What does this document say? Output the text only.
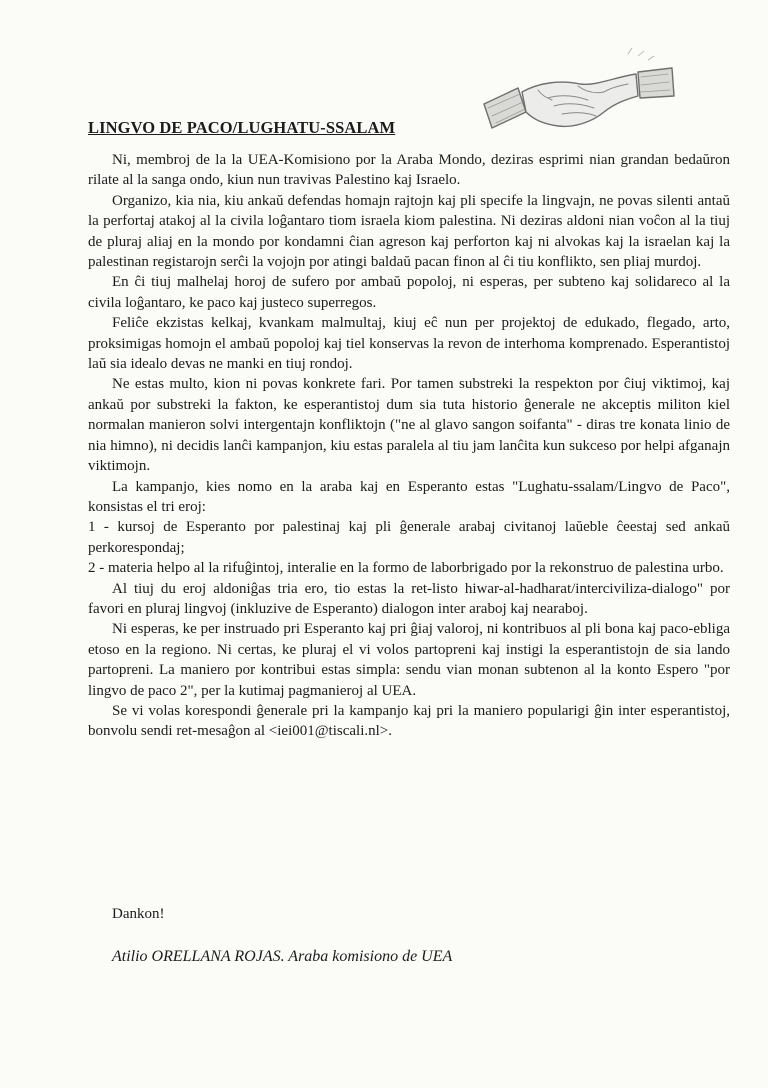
LINGVO DE PACO/LUGHATU-SSALAM

Ni, membroj de la la UEA-Komisiono por la Araba Mondo, deziras esprimi nian grandan bedaŭron rilate al la sanga ondo, kiun nun travivas Palestino kaj Israelo.

Organizo, kia nia, kiu ankaŭ defendas homajn rajtojn kaj pli specife la lingvajn, ne povas silenti antaŭ la perfortaj atakoj al la civila loĝantaro tiom israela kiom palestina. Ni deziras aldoni nian voĉon al la tiuj de pluraj aliaj en la mondo por kondamni ĉian agreson kaj perforton kaj ni alvokas kaj la israelan kaj la palestinan registarojn serĉi la vojojn por atingi baldaŭ pacan finon al ĉi tiu konflikto, sen pliaj murdoj.

En ĉi tiuj malhelaj horoj de sufero por ambaŭ popoloj, ni esperas, per subteno kaj solidareco al la civila loĝantaro, ke paco kaj justeco superregos.

Feliĉe ekzistas kelkaj, kvankam malmultaj, kiuj eĉ nun per projektoj de edukado, flegado, arto, proksimigas homojn el ambaŭ popoloj kaj tiel konservas la revon de interhoma komprenado. Esperantistoj laŭ sia idealo devas ne manki en tiuj rondoj.

Ne estas multo, kion ni povas konkrete fari. Por tamen substreki la respekton por ĉiuj viktimoj, kaj ankaŭ por substreki la fakton, ke esperantistoj dum sia tuta historio ĝenerale ne akceptis militon kiel normalan manieron solvi intergentajn konfliktojn ("ne al glavo sangon soifanta" - diras tre konata linio de nia himno), ni decidis lanĉi kampanjon, kiu estas paralela al tiu jam lanĉita kun sukceso por helpi afganajn viktimojn.

La kampanjo, kies nomo en la araba kaj en Esperanto estas "Lughatu-ssalam/Lingvo de Paco", konsistas el tri eroj:

1 - kursoj de Esperanto por palestinaj kaj pli ĝenerale arabaj civitanoj laŭeble ĉeestaj sed ankaŭ perkorespondaj;

2 - materia helpo al la rifuĝintoj, interalie en la formo de laborbrigado por la rekonstruo de palestina urbo.

Al tiuj du eroj aldoniĝas tria ero, tio estas la ret-listo hiwar-al-hadharat/interciviliza-dialogo" por favori en pluraj lingvoj (inkluzive de Esperanto) dialogon inter araboj kaj nearaboj.

Ni esperas, ke per instruado pri Esperanto kaj pri ĝiaj valoroj, ni kontribuos al pli bona kaj paco-ebliga etoso en la regiono. Ni certas, ke pluraj el vi volos partopreni kaj instigi la esperantistojn de sia lando partopreni. La maniero por kontribui estas simpla: sendu vian monan subtenon al la konto Espero "por lingvo de paco 2", per la kutimaj pagmanieroj al UEA.

Se vi volas korespondi ĝenerale pri la kampanjo kaj pri la maniero popularigi ĝin inter esperantistoj, bonvolu sendi ret-mesaĝon al <iei001@tiscali.nl>.

Dankon!

Atilio ORELLANA ROJAS. Araba komisiono de UEA
